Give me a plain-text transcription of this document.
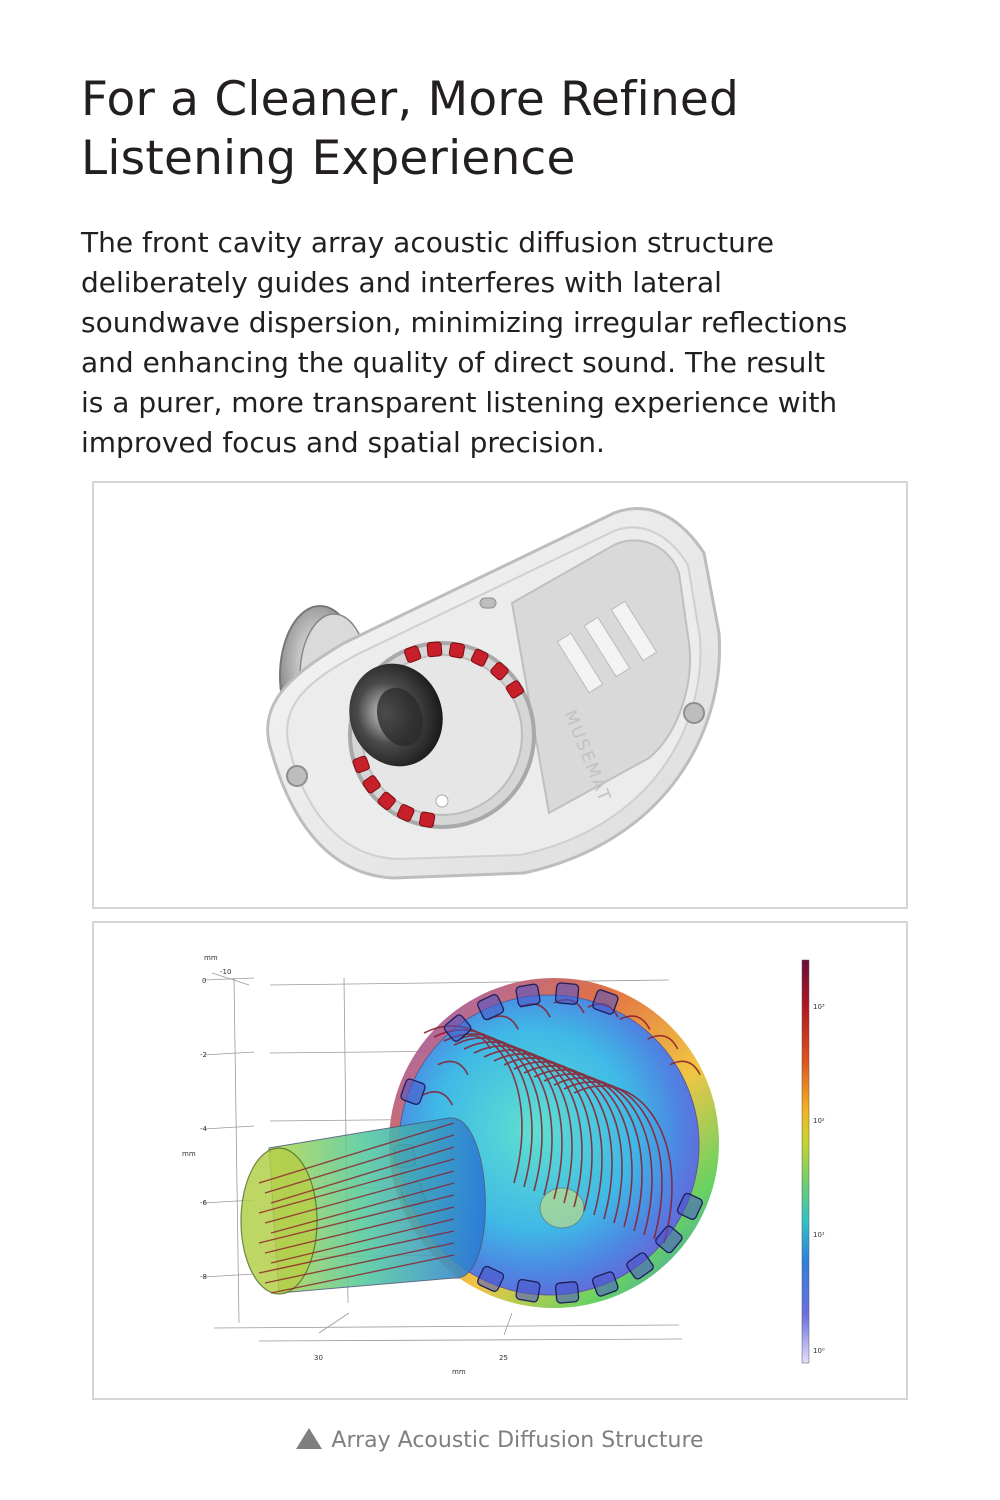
For a Cleaner, More Refined
Listening Experience

The front cavity array acoustic diffusion structure
deliberately guides and interferes with lateral
soundwave dispersion, minimizing irregular reflections
and enhancing the quality of direct sound. The result
is a purer, more transparent listening experience with
improved focus and spatial precision.

MUSEMAT
mm
-10
0
-2
-4
mm
-6
-8
30	25
mm
10³
10²
10¹
10⁰
Array Acoustic Diffusion Structure
